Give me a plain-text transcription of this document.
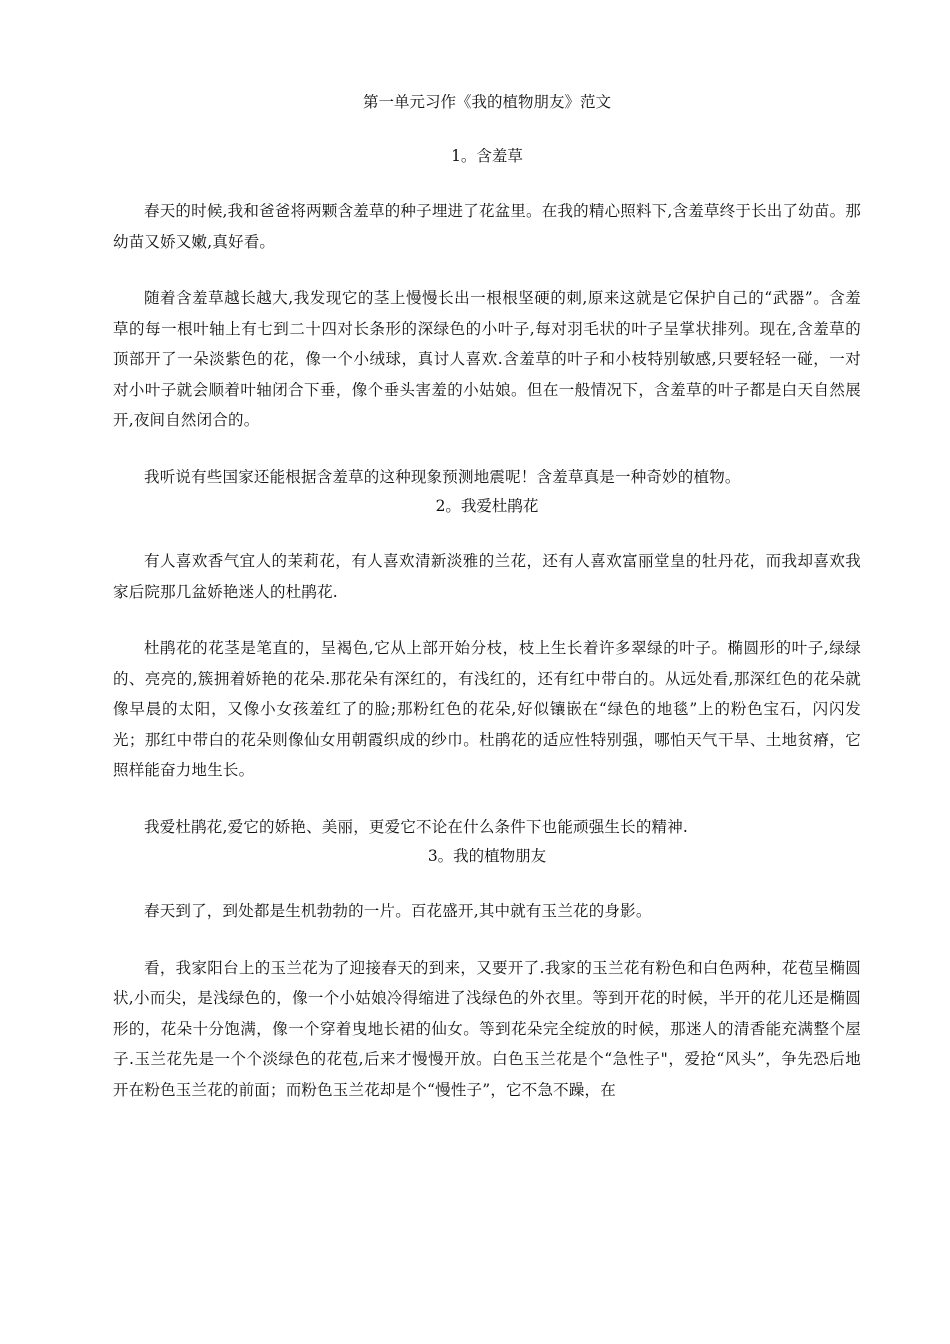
第一单元习作《我的植物朋友》范文
1。含羞草

春天的时候,我和爸爸将两颗含羞草的种子埋进了花盆里。在我的精心照料下,含羞草终于长出了幼苗。那幼苗又娇又嫩,真好看。

随着含羞草越长越大,我发现它的茎上慢慢长出一根根坚硬的刺,原来这就是它保护自己的“武器”。含羞草的每一根叶轴上有七到二十四对长条形的深绿色的小叶子,每对羽毛状的叶子呈掌状排列。现在,含羞草的顶部开了一朵淡紫色的花，像一个小绒球，真讨人喜欢.含羞草的叶子和小枝特别敏感,只要轻轻一碰，一对对小叶子就会顺着叶轴闭合下垂，像个垂头害羞的小姑娘。但在一般情况下，含羞草的叶子都是白天自然展开,夜间自然闭合的。

我听说有些国家还能根据含羞草的这种现象预测地震呢！含羞草真是一种奇妙的植物。

2。我爱杜鹃花

有人喜欢香气宜人的茉莉花，有人喜欢清新淡雅的兰花，还有人喜欢富丽堂皇的牡丹花，而我却喜欢我家后院那几盆娇艳迷人的杜鹃花.

杜鹃花的花茎是笔直的，呈褐色,它从上部开始分枝，枝上生长着许多翠绿的叶子。椭圆形的叶子,绿绿的、亮亮的,簇拥着娇艳的花朵.那花朵有深红的，有浅红的，还有红中带白的。从远处看,那深红色的花朵就像早晨的太阳，又像小女孩羞红了的脸;那粉红色的花朵,好似镶嵌在“绿色的地毯”上的粉色宝石，闪闪发光；那红中带白的花朵则像仙女用朝霞织成的纱巾。杜鹃花的适应性特别强，哪怕天气干旱、土地贫瘠，它照样能奋力地生长。

我爱杜鹃花,爱它的娇艳、美丽，更爱它不论在什么条件下也能顽强生长的精神.

3。我的植物朋友

春天到了，到处都是生机勃勃的一片。百花盛开,其中就有玉兰花的身影。

看，我家阳台上的玉兰花为了迎接春天的到来，又要开了.我家的玉兰花有粉色和白色两种，花苞呈椭圆状,小而尖，是浅绿色的，像一个小姑娘冷得缩进了浅绿色的外衣里。等到开花的时候，半开的花儿还是椭圆形的，花朵十分饱满，像一个穿着曳地长裙的仙女。等到花朵完全绽放的时候，那迷人的清香能充满整个屋子.玉兰花先是一个个淡绿色的花苞,后来才慢慢开放。白色玉兰花是个“急性子"，爱抢“风头”，争先恐后地开在粉色玉兰花的前面；而粉色玉兰花却是个“慢性子”，它不急不躁，在
